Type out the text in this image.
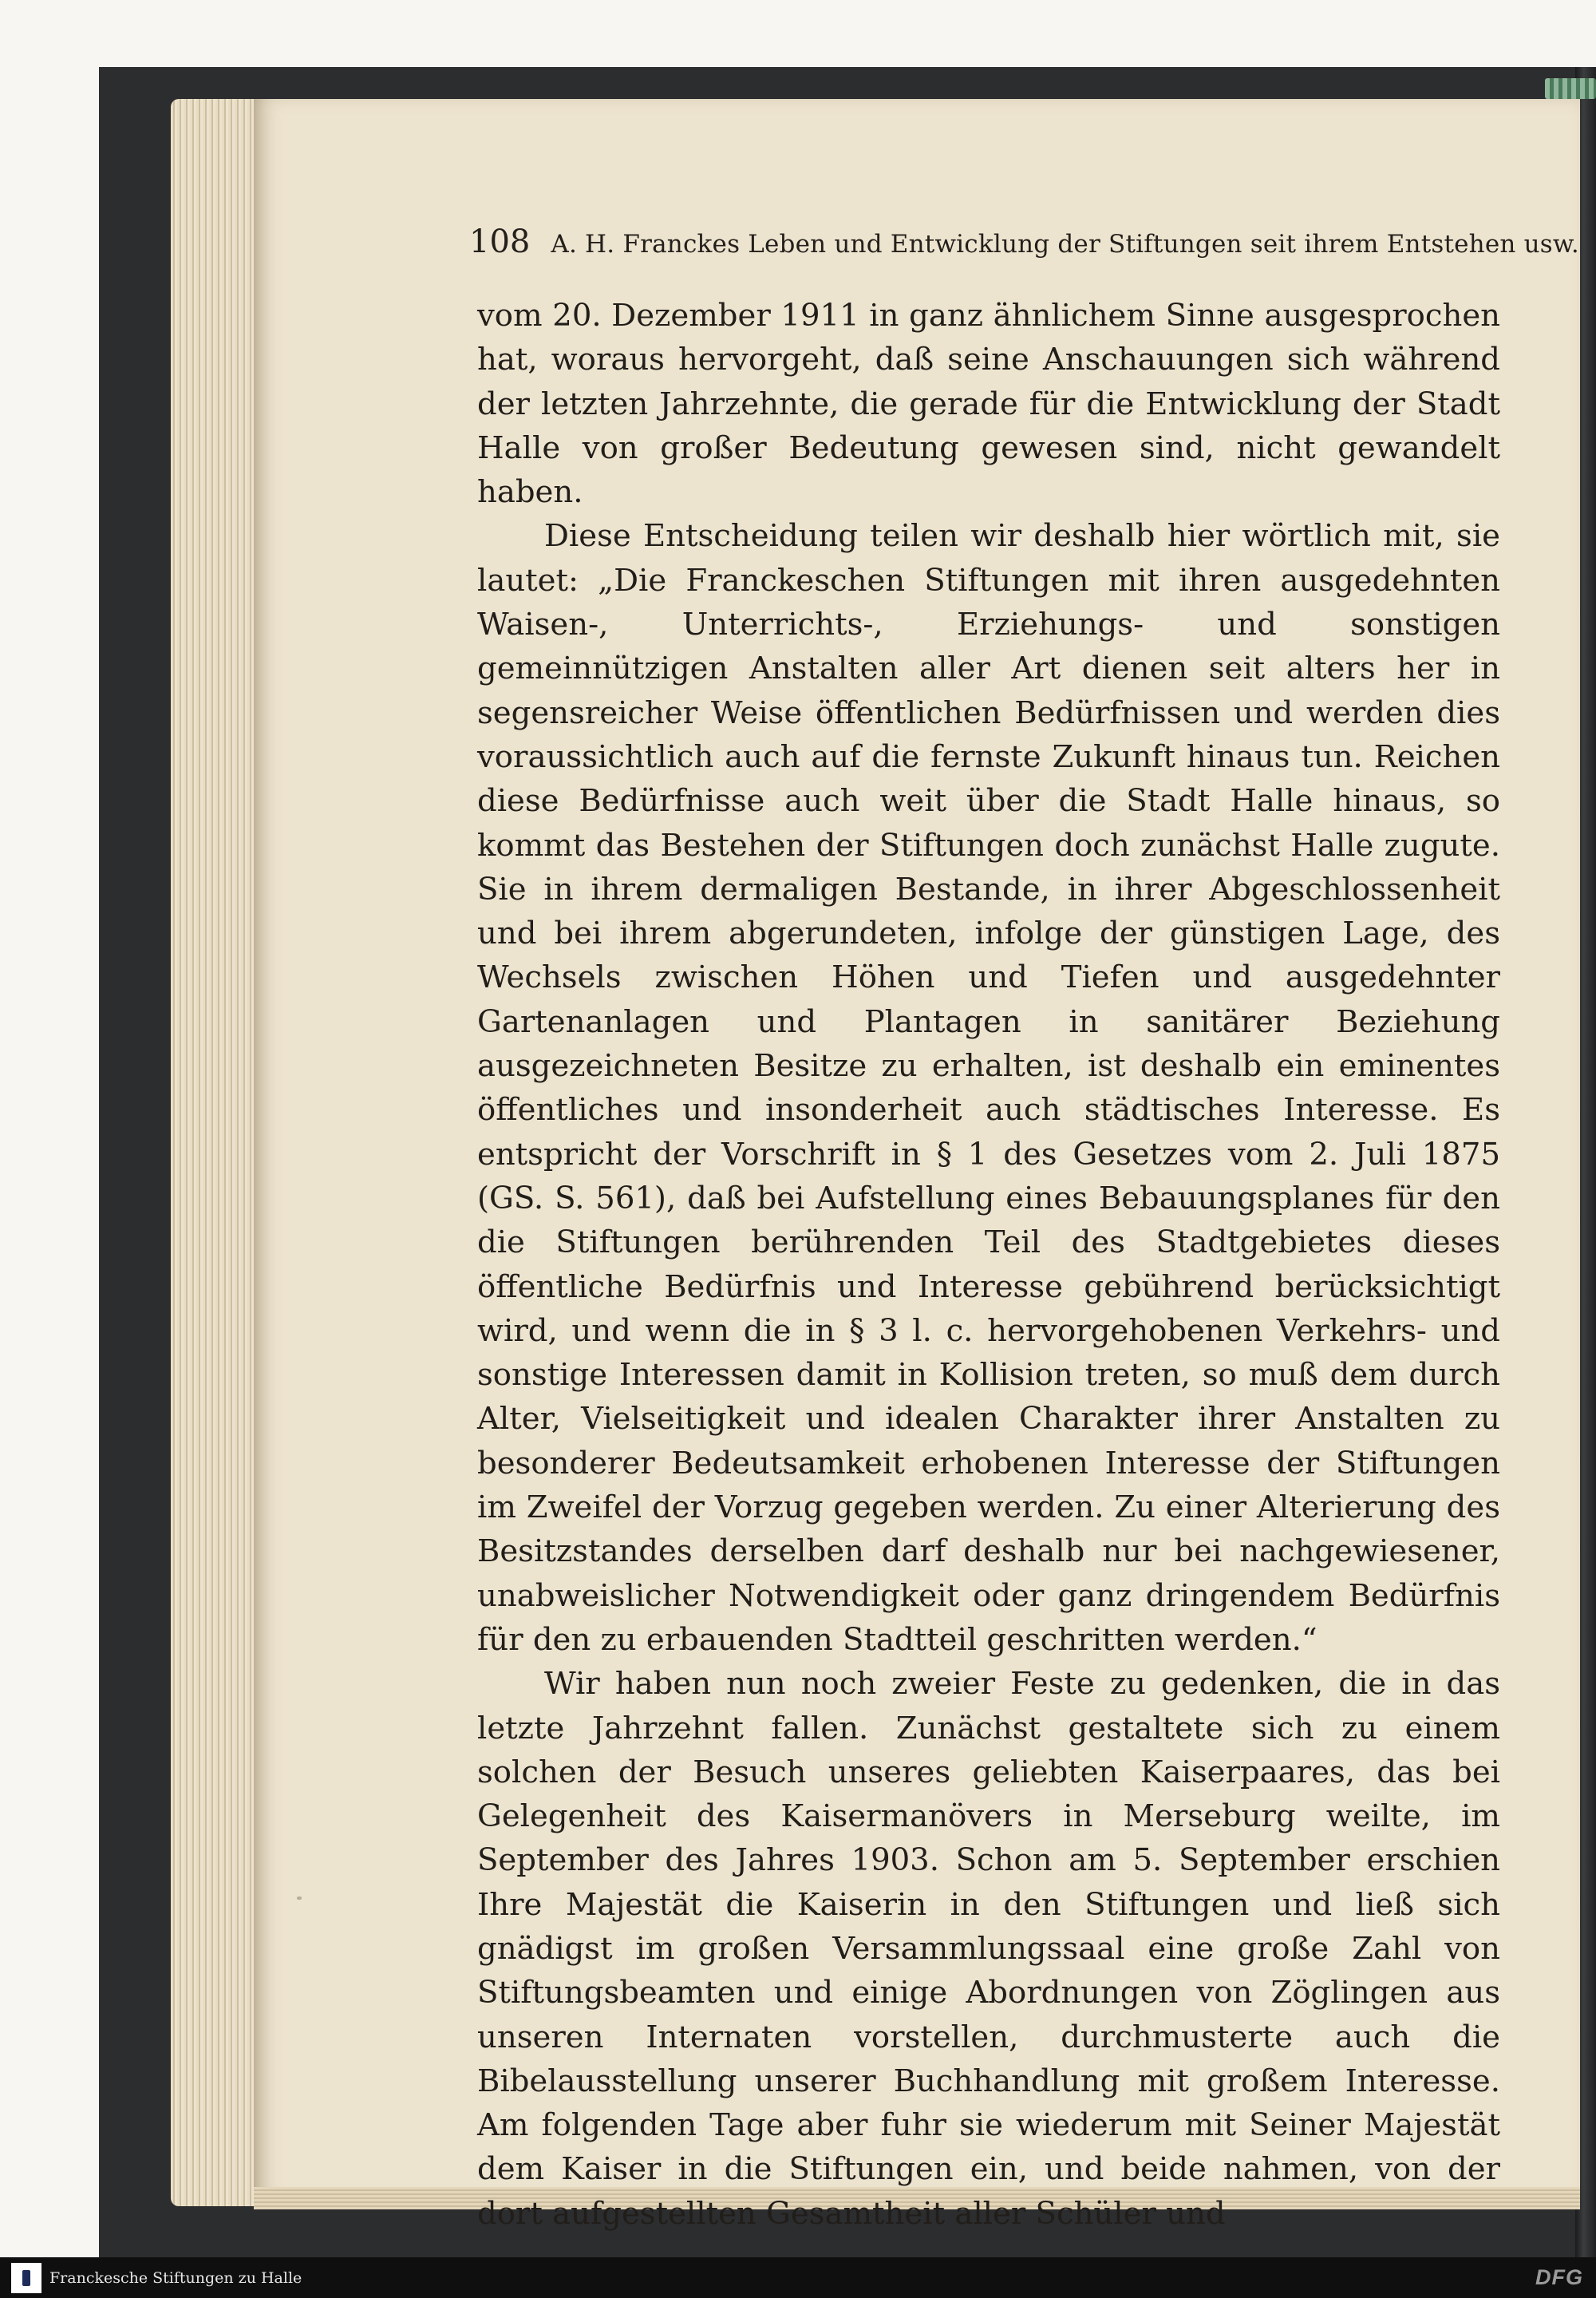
108 A. H. Franckes Leben und Entwicklung der Stiftungen seit ihrem Entstehen usw.

vom 20. Dezember 1911 in ganz ähnlichem Sinne ausgesprochen hat, woraus hervorgeht, daß seine Anschauungen sich während der letzten Jahrzehnte, die gerade für die Entwicklung der Stadt Halle von großer Bedeutung gewesen sind, nicht gewandelt haben.

Diese Entscheidung teilen wir deshalb hier wörtlich mit, sie lautet: „Die Franckeschen Stiftungen mit ihren ausgedehnten Waisen-, Unterrichts-, Erziehungs- und sonstigen gemeinnützigen Anstalten aller Art dienen seit alters her in segensreicher Weise öffentlichen Bedürfnissen und werden dies voraussichtlich auch auf die fernste Zukunft hinaus tun. Reichen diese Bedürfnisse auch weit über die Stadt Halle hinaus, so kommt das Bestehen der Stiftungen doch zunächst Halle zugute. Sie in ihrem dermaligen Bestande, in ihrer Abgeschlossenheit und bei ihrem abgerundeten, infolge der günstigen Lage, des Wechsels zwischen Höhen und Tiefen und ausgedehnter Gartenanlagen und Plantagen in sanitärer Beziehung ausgezeichneten Besitze zu erhalten, ist deshalb ein eminentes öffentliches und insonderheit auch städtisches Interesse. Es entspricht der Vorschrift in § 1 des Gesetzes vom 2. Juli 1875 (GS. S. 561), daß bei Aufstellung eines Bebauungsplanes für den die Stiftungen berührenden Teil des Stadtgebietes dieses öffentliche Bedürfnis und Interesse gebührend berücksichtigt wird, und wenn die in § 3 l. c. hervorgehobenen Verkehrs- und sonstige Interessen damit in Kollision treten, so muß dem durch Alter, Vielseitigkeit und idealen Charakter ihrer Anstalten zu besonderer Bedeutsamkeit erhobenen Interesse der Stiftungen im Zweifel der Vorzug gegeben werden. Zu einer Alterierung des Besitzstandes derselben darf deshalb nur bei nachgewiesener, unabweislicher Notwendigkeit oder ganz dringendem Bedürfnis für den zu erbauenden Stadtteil geschritten werden.“

Wir haben nun noch zweier Feste zu gedenken, die in das letzte Jahrzehnt fallen. Zunächst gestaltete sich zu einem solchen der Besuch unseres geliebten Kaiserpaares, das bei Gelegenheit des Kaisermanövers in Merseburg weilte, im September des Jahres 1903. Schon am 5. September erschien Ihre Majestät die Kaiserin in den Stiftungen und ließ sich gnädigst im großen Versammlungssaal eine große Zahl von Stiftungsbeamten und einige Abordnungen von Zöglingen aus unseren Internaten vorstellen, durchmusterte auch die Bibelausstellung unserer Buchhandlung mit großem Interesse. Am folgenden Tage aber fuhr sie wiederum mit Seiner Majestät dem Kaiser in die Stiftungen ein, und beide nahmen, von der dort aufgestellten Gesamtheit aller Schüler und

Franckesche Stiftungen zu Halle	DFG
